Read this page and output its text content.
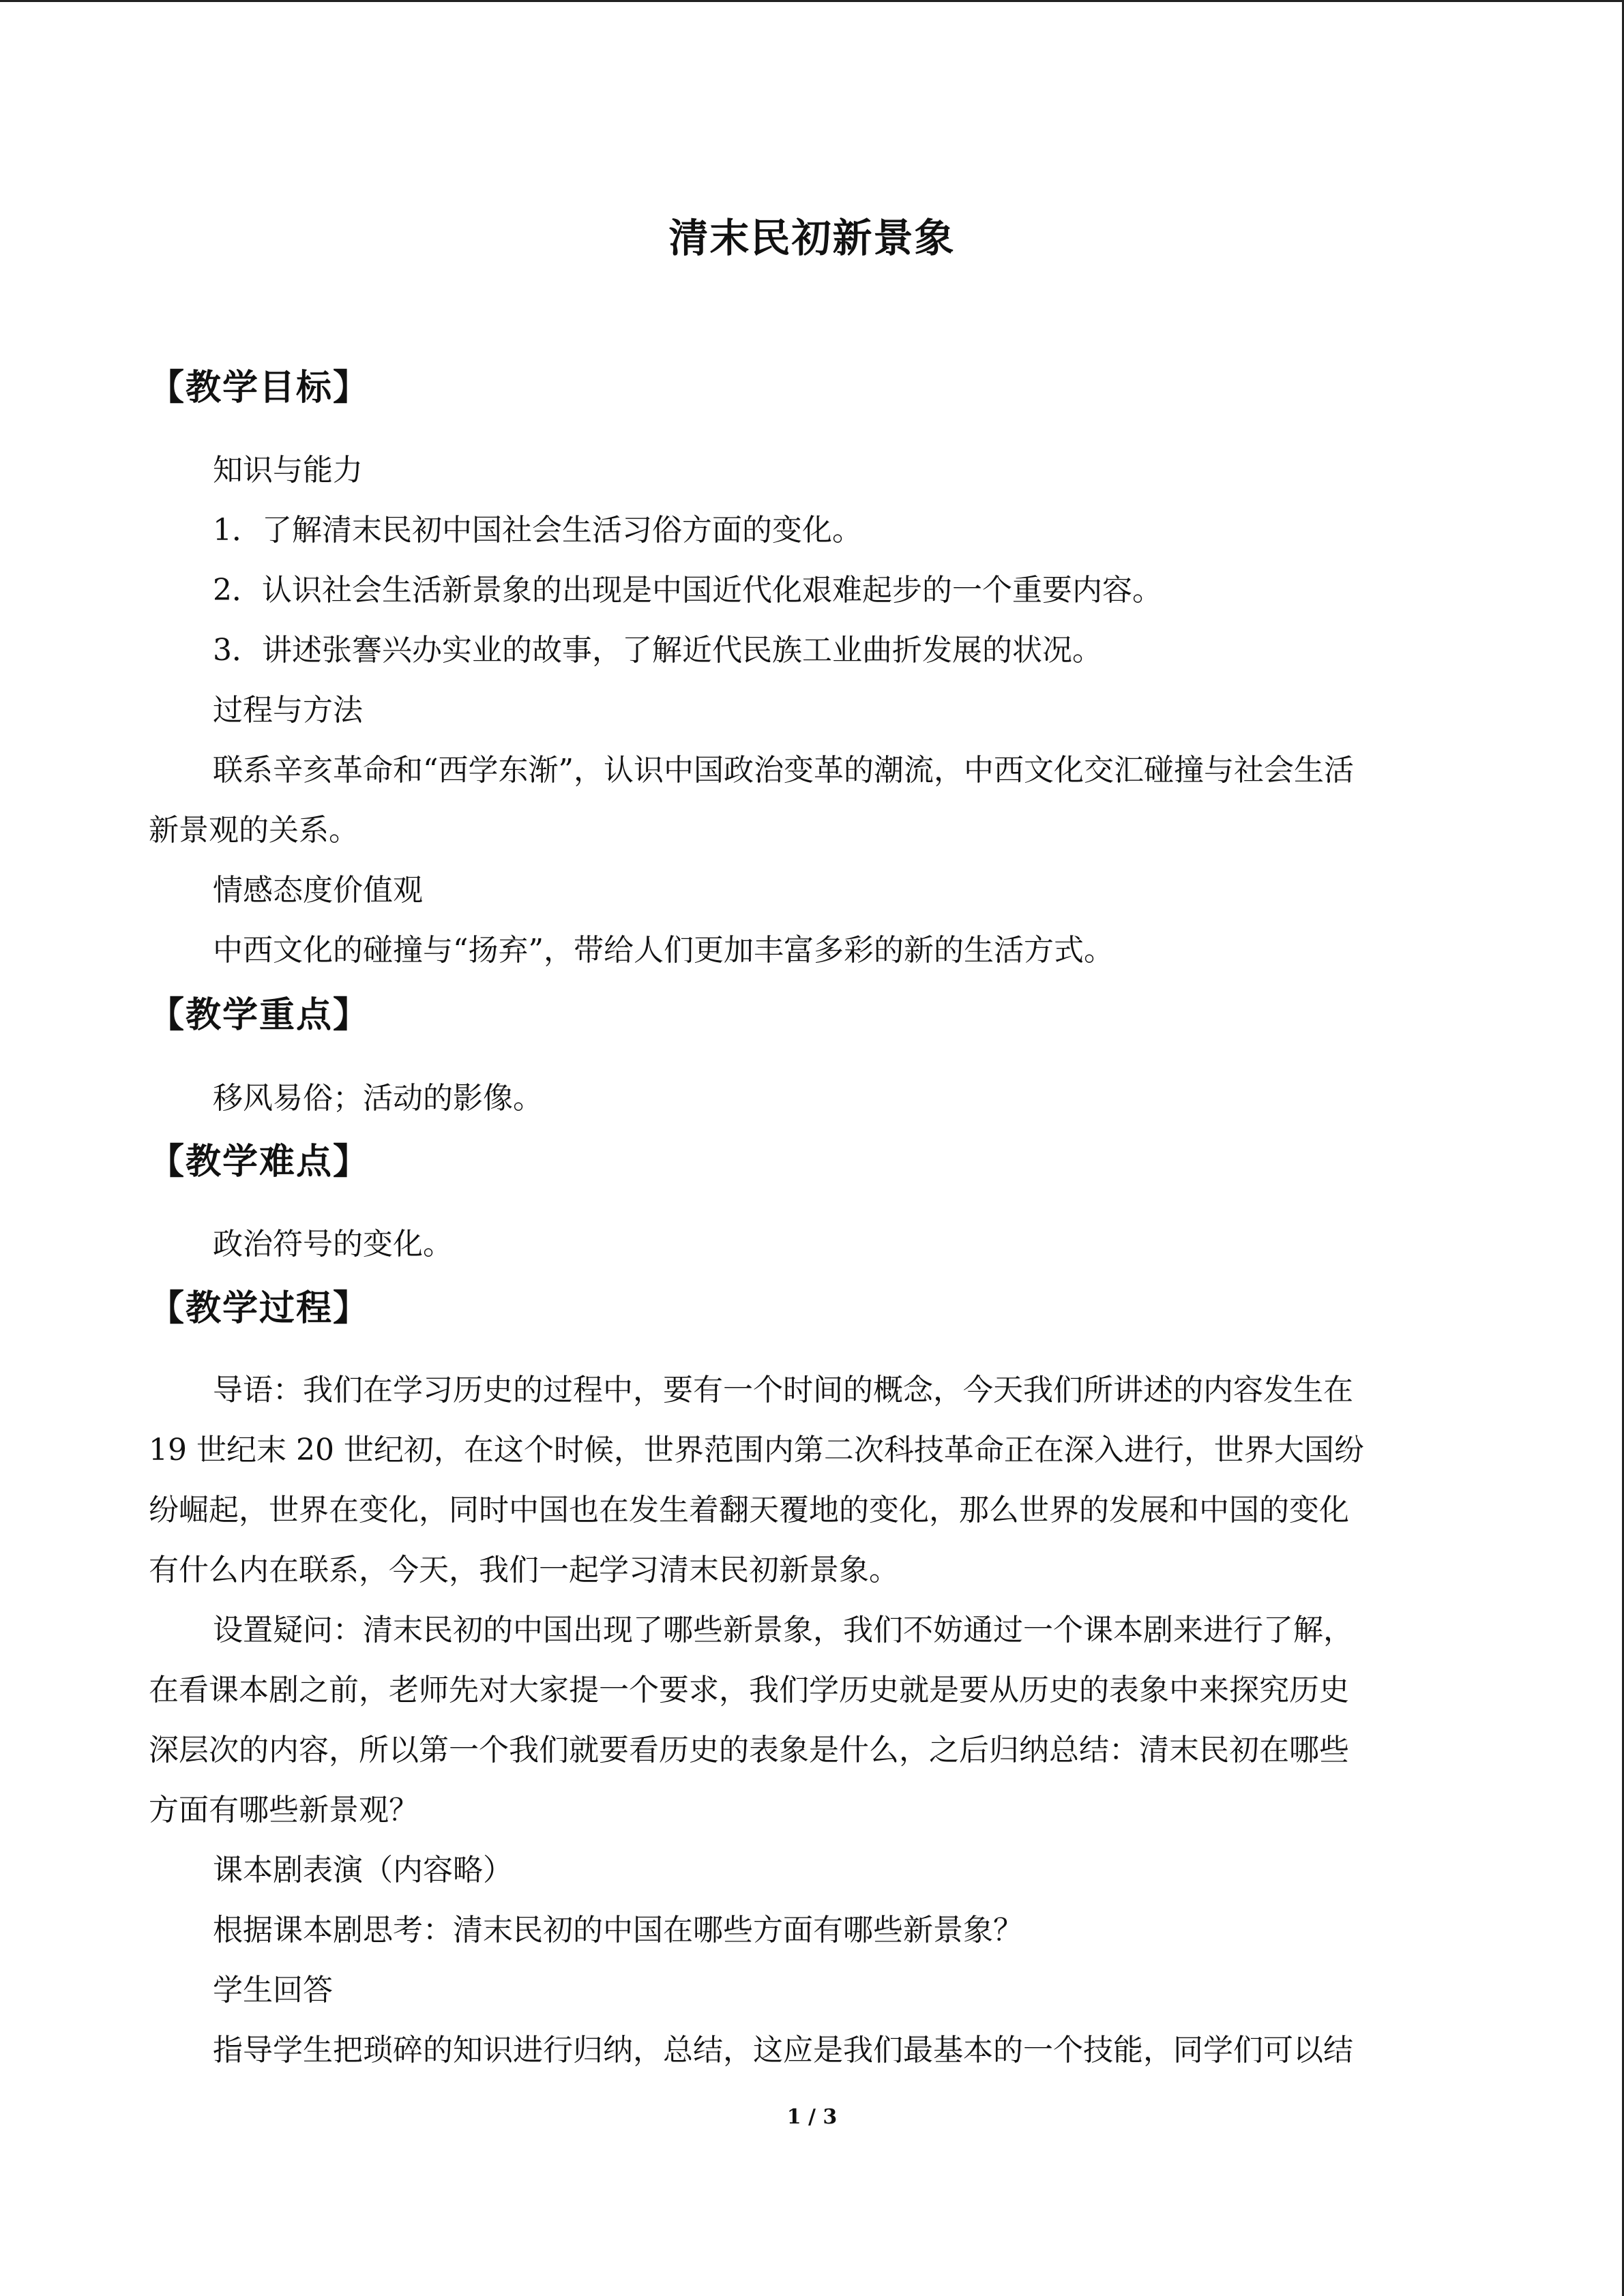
清末民初新景象
【教学目标】
知识与能力
1．了解清末民初中国社会生活习俗方面的变化。
2．认识社会生活新景象的出现是中国近代化艰难起步的一个重要内容。
3．讲述张謇兴办实业的故事，了解近代民族工业曲折发展的状况。
过程与方法
联系辛亥革命和“西学东渐”，认识中国政治变革的潮流，中西文化交汇碰撞与社会生活
新景观的关系。
情感态度价值观
中西文化的碰撞与“扬弃”，带给人们更加丰富多彩的新的生活方式。
【教学重点】
移风易俗；活动的影像。
【教学难点】
政治符号的变化。
【教学过程】
导语：我们在学习历史的过程中，要有一个时间的概念，今天我们所讲述的内容发生在
19 世纪末 20 世纪初，在这个时候，世界范围内第二次科技革命正在深入进行，世界大国纷
纷崛起，世界在变化，同时中国也在发生着翻天覆地的变化，那么世界的发展和中国的变化
有什么内在联系，今天，我们一起学习清末民初新景象。
设置疑问：清末民初的中国出现了哪些新景象，我们不妨通过一个课本剧来进行了解，
在看课本剧之前，老师先对大家提一个要求，我们学历史就是要从历史的表象中来探究历史
深层次的内容，所以第一个我们就要看历史的表象是什么，之后归纳总结：清末民初在哪些
方面有哪些新景观？
课本剧表演（内容略）
根据课本剧思考：清末民初的中国在哪些方面有哪些新景象？
学生回答
指导学生把琐碎的知识进行归纳，总结，这应是我们最基本的一个技能，同学们可以结
1 / 3
